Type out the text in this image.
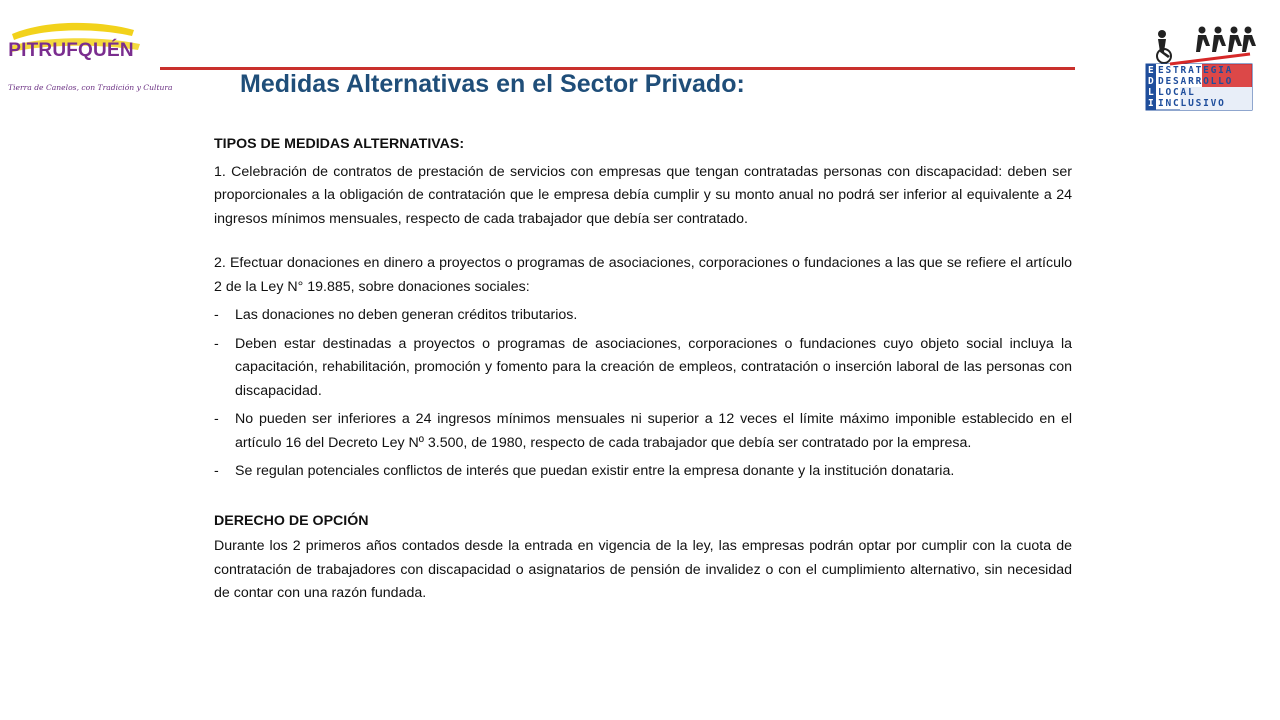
PITRUFQUÉN
Tierra de Canelos, con Tradición y Cultura	Medidas Alternativas en el Sector Privado:	E
D
L
I
ESTRATEGIA
DESARROLLO
LOCAL
INCLUSIVO

TIPOS DE MEDIDAS ALTERNATIVAS:

1. Celebración de contratos de prestación de servicios con empresas que tengan contratadas personas con discapacidad: deben ser proporcionales a la obligación de contratación que le empresa debía cumplir y su monto anual no podrá ser inferior al equivalente a 24 ingresos mínimos mensuales, respecto de cada trabajador que debía ser contratado.

2. Efectuar donaciones en dinero a proyectos o programas de asociaciones, corporaciones o fundaciones a las que se refiere el artículo 2 de la Ley N° 19.885, sobre donaciones sociales:

-	Las donaciones no deben generan créditos tributarios.
-	Deben estar destinadas a proyectos o programas de asociaciones, corporaciones o fundaciones cuyo objeto social incluya la capacitación, rehabilitación, promoción y fomento para la creación de empleos, contratación o inserción laboral de las personas con discapacidad.
-	No pueden ser inferiores a 24 ingresos mínimos mensuales ni superior a 12 veces el límite máximo imponible establecido en el artículo 16 del Decreto Ley Nº 3.500, de 1980, respecto de cada trabajador que debía ser contratado por la empresa.
-	Se regulan potenciales conflictos de interés que puedan existir entre la empresa donante y la institución donataria.

DERECHO DE OPCIÓN

Durante los 2 primeros años contados desde la entrada en vigencia de la ley, las empresas podrán optar por cumplir con la cuota de contratación de trabajadores con discapacidad o asignatarios de pensión de invalidez o con el cumplimiento alternativo, sin necesidad de contar con una razón fundada.
